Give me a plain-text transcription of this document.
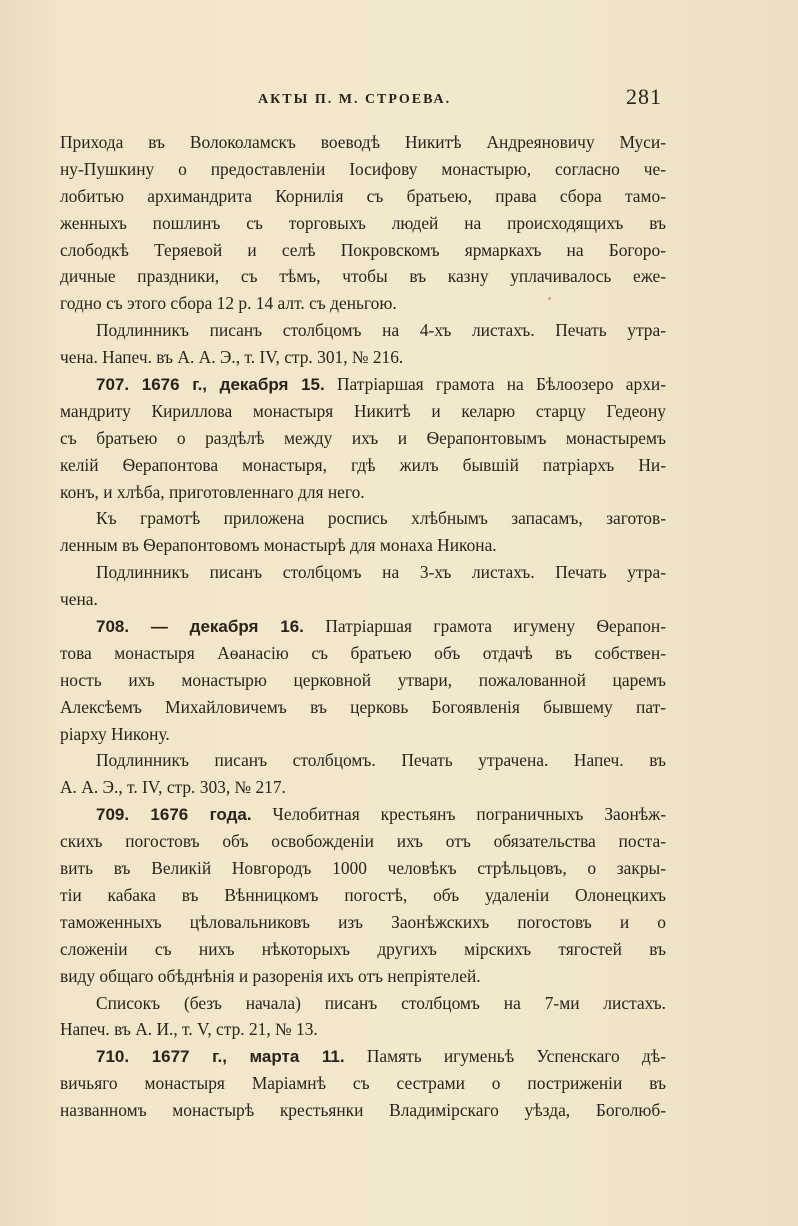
АКТЫ П. М. СТРОЕВА.	281
Прихода въ Волоколамскъ воеводѣ Никитѣ Андреяновичу Муси-
ну-Пушкину о предоставленіи Іосифову монастырю, согласно че-
лобитью архимандрита Корнилія съ братьею, права сбора тамо-
женныхъ пошлинъ съ торговыхъ людей на происходящихъ въ
слободкѣ Теряевой и селѣ Покровскомъ ярмаркахъ на Богоро-
дичные праздники, съ тѣмъ, чтобы въ казну уплачивалось еже-
годно съ этого сбора 12 р. 14 алт. съ деньгою.
Подлинникъ писанъ столбцомъ на 4-хъ листахъ. Печать утра-
чена. Напеч. въ А. А. Э., т. IV, стр. 301, № 216.
707. 1676 г., декабря 15. Патріаршая грамота на Бѣлоозеро архи-
мандриту Кириллова монастыря Никитѣ и келарю старцу Гедеону
съ братьею о раздѣлѣ между ихъ и Ѳерапонтовымъ монастыремъ
келій Ѳерапонтова монастыря, гдѣ жилъ бывшій патріархъ Ни-
конъ, и хлѣба, приготовленнаго для него.
Къ грамотѣ приложена роспись хлѣбнымъ запасамъ, заготов-
ленным въ Ѳерапонтовомъ монастырѣ для монаха Никона.
Подлинникъ писанъ столбцомъ на 3-хъ листахъ. Печать утра-
чена.
708. — декабря 16. Патріаршая грамота игумену Ѳерапон-
това монастыря Аѳанасію съ братьею объ отдачѣ въ собствен-
ность ихъ монастырю церковной утвари, пожалованной царемъ
Алексѣемъ Михайловичемъ въ церковь Богоявленія бывшему пат-
ріарху Никону.
Подлинникъ писанъ столбцомъ. Печать утрачена. Напеч. въ
А. А. Э., т. IV, стр. 303, № 217.
709. 1676 года. Челобитная крестьянъ пограничныхъ Заонѣж-
скихъ погостовъ объ освобожденіи ихъ отъ обязательства поста-
вить въ Великій Новгородъ 1000 человѣкъ стрѣльцовъ, о закры-
тіи кабака въ Вѣнницкомъ погостѣ, объ удаленіи Олонецкихъ
таможенныхъ цѣловальниковъ изъ Заонѣжскихъ погостовъ и о
сложеніи съ нихъ нѣкоторыхъ другихъ мірскихъ тягостей въ
виду общаго обѣднѣнія и разоренія ихъ отъ непріятелей.
Списокъ (безъ начала) писанъ столбцомъ на 7-ми листахъ.
Напеч. въ А. И., т. V, стр. 21, № 13.
710. 1677 г., марта 11. Память игуменьѣ Успенскаго дѣ-
вичьяго монастыря Маріамнѣ съ сестрами о постриженіи въ
названномъ монастырѣ крестьянки Владимірскаго уѣзда, Боголюб-
